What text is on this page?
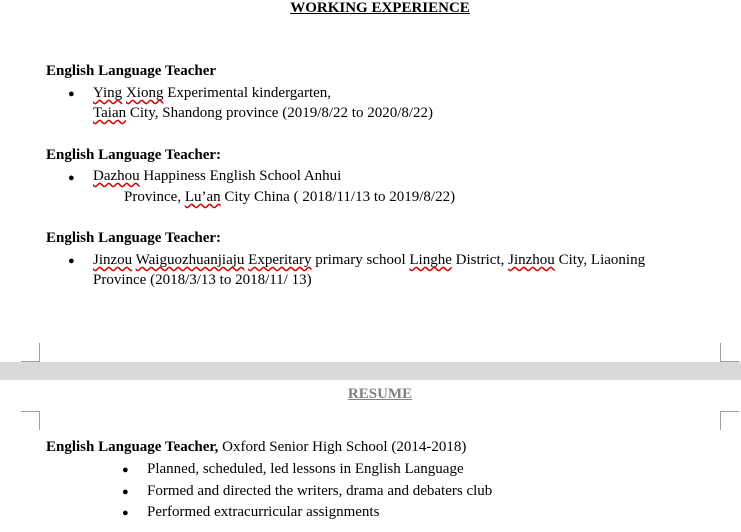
WORKING EXPERIENCE
English Language Teacher
● Ying Xiong Experimental kindergarten,
Taian City, Shandong province (2019/8/22 to 2020/8/22)
English Language Teacher:
● Dazhou Happiness English School Anhui
Province, Lu’an City China ( 2018/11/13 to 2019/8/22)
English Language Teacher:
● Jinzou Waiguozhuanjiaju Experitary primary school Linghe District, Jinzhou City, Liaoning
Province (2018/3/13 to 2018/11/ 13)
RESUME
English Language Teacher, Oxford Senior High School (2014-2018)
● Planned, scheduled, led lessons in English Language
● Formed and directed the writers, drama and debaters club
● Performed extracurricular assignments
